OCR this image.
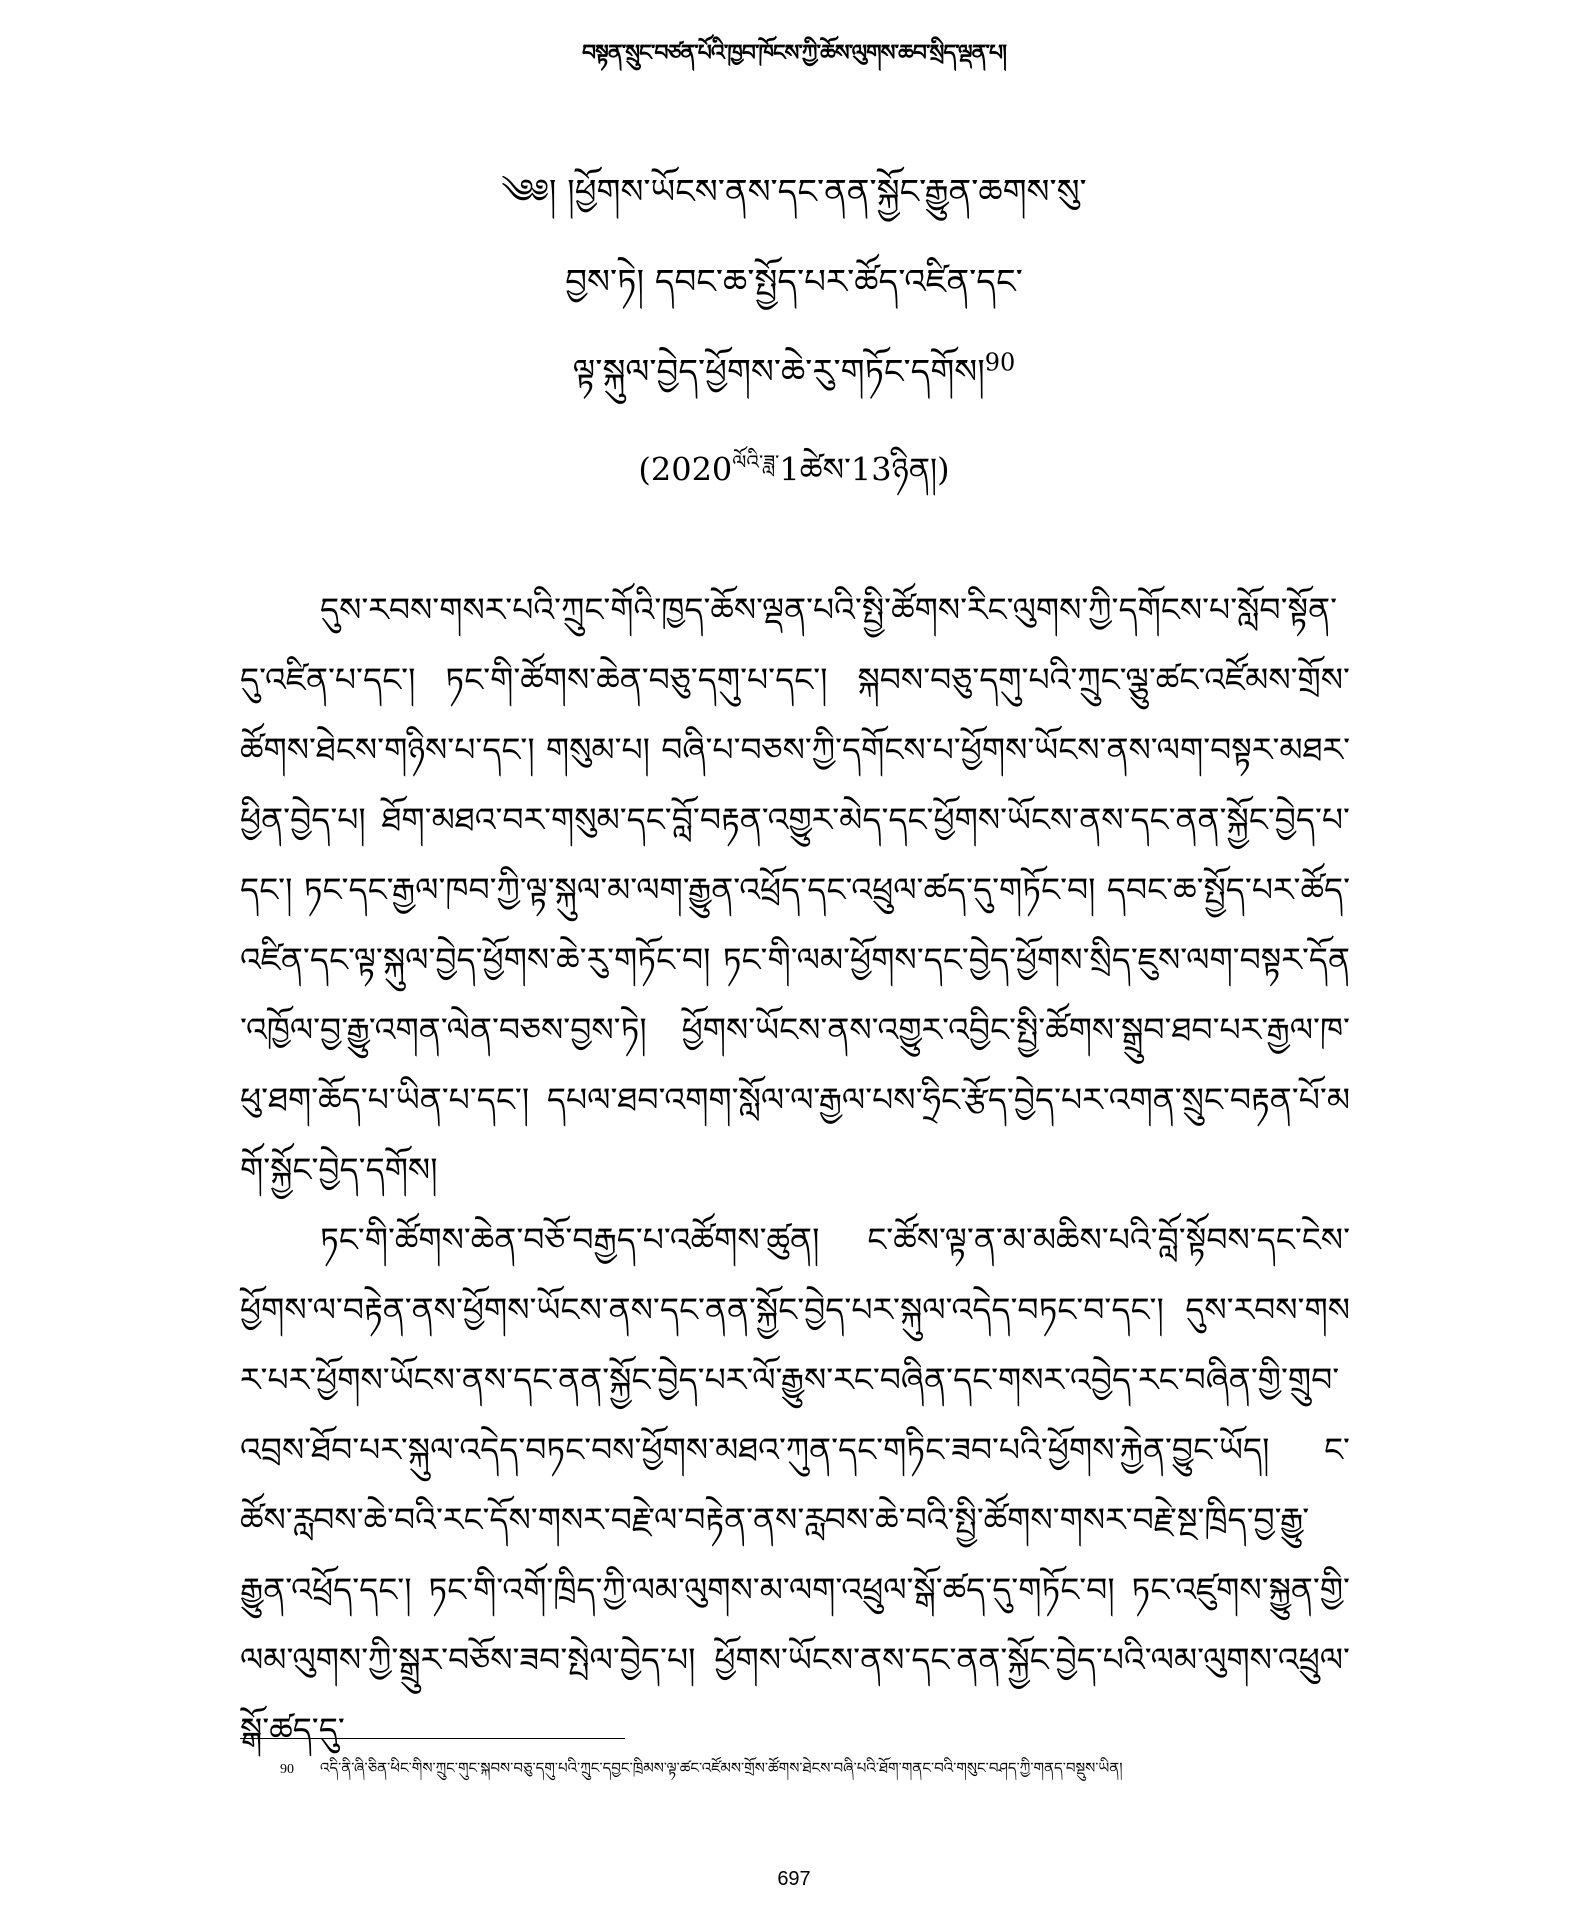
བསྟན་སྲུང་བཙན་པོའི་ཁྱབ་ཁོངས་ཀྱི་ཆོས་ལུགས་ཆབ་སྲིད་ལྡན་པ།
༄༅། །ཕྱོགས་ཡོངས་ནས་དང་ནན་སྐྱོང་རྒྱུན་ཆགས་སུ་
བྱས་ཏེ། དབང་ཆ་སྤྱོད་པར་ཚོད་འཛིན་དང་
ལྟ་སྐུལ་བྱེད་ཕྱོགས་ཆེ་རུ་གཏོང་དགོས།$^{90}$
$(2020^{ལོའི་ཟླ་}1ཚེས་13ཉིན།)$

དུས་རབས་གསར་པའི་ཀྲུང་གོའི་ཁྱད་ཆོས་ལྡན་པའི་སྤྱི་ཚོགས་རིང་ལུགས་ཀྱི་དགོངས་པ་སློབ་སྟོན་དུ་འཛིན་པ་དང་། ཏང་གི་ཚོགས་ཆེན་བཅུ་དགུ་པ་དང་། སྐབས་བཅུ་དགུ་པའི་ཀྲུང་ལྕུ་ཚང་འཛོམས་གྲོས་ཚོགས་ཐེངས་གཉིས་པ་དང་། གསུམ་པ། བཞི་པ་བཅས་ཀྱི་དགོངས་པ་ཕྱོགས་ཡོངས་ནས་ལག་བསྟར་མཐར་ཕྱིན་བྱེད་པ། ཐོག་མཐའ་བར་གསུམ་དང་བློ་བརྟན་འགྱུར་མེད་དང་ཕྱོགས་ཡོངས་ནས་དང་ནན་སྐྱོང་བྱེད་པ་དང་། ཏང་དང་རྒྱལ་ཁབ་ཀྱི་ལྟ་སྐུལ་མ་ལག་རྒྱུན་འཕྲོད་དང་འཕྲུལ་ཚད་དུ་གཏོང་བ། དབང་ཆ་སྤྱོད་པར་ཚོད་འཛིན་དང་ལྟ་སྐུལ་བྱེད་ཕྱོགས་ཆེ་རུ་གཏོང་བ། ཏང་གི་ལམ་ཕྱོགས་དང་བྱེད་ཕྱོགས་སྲིད་ཇུས་ལག་བསྟར་དོན་འཁྱོལ་བྱ་རྒྱུ་འགན་ལེན་བཅས་བྱས་ཏེ། ཕྱོགས་ཡོངས་ནས་འགྱུར་འབྱིང་སྤྱི་ཚོགས་སྒྲུབ་ཐབ་པར་རྒྱལ་ཁ་ཕུ་ཐག་ཆོད་པ་ཡིན་པ་དང་། དཔལ་ཐབ་འགག་སློལ་ལ་རྒྱལ་པས་ཧྲིང་རྩོད་བྱེད་པར་འགན་སྲུང་བརྟན་པོ་མགོ་སྐྱོང་བྱེད་དགོས།

ཏང་གི་ཚོགས་ཆེན་བཅོ་བརྒྱད་པ་འཚོགས་ཚུན། ང་ཚོས་ལྟ་ན་མ་མཆིས་པའི་བློ་སྟོབས་དང་ངེས་ཕྱོགས་ལ་བརྟེན་ནས་ཕྱོགས་ཡོངས་ནས་དང་ནན་སྐྱོང་བྱེད་པར་སྐུལ་འདེད་བཏང་བ་དང་། དུས་རབས་གསར་པར་ཕྱོགས་ཡོངས་ནས་དང་ནན་སྐྱོང་བྱེད་པར་ལོ་རྒྱུས་རང་བཞིན་དང་གསར་འབྱེད་རང་བཞིན་གྱི་གྲུབ་འབྲས་ཐོབ་པར་སྐུལ་འདེད་བཏང་བས་ཕྱོགས་མཐའ་ཀུན་དང་གཏིང་ཟབ་པའི་ཕྱོགས་རྐྱེན་བྱུང་ཡོད། ང་ཚོས་རླབས་ཆེ་བའི་རང་དོས་གསར་བརྗེ་ལ་བརྟེན་ནས་རླབས་ཆེ་བའི་སྤྱི་ཚོགས་གསར་བརྗེ་སྔ་ཁྲིད་བྱ་རྒྱུ་རྒྱུན་འཕྲོད་དང་། ཏང་གི་འགོ་ཁྲིད་ཀྱི་ལམ་ལུགས་མ་ལག་འཕྲུལ་སྒོ་ཚད་དུ་གཏོང་བ། ཏང་འཛུགས་སྐྱུན་གྱི་ལམ་ལུགས་ཀྱི་སྒྲུར་བཅོས་ཟབ་སྤེལ་བྱེད་པ། ཕྱོགས་ཡོངས་ནས་དང་ནན་སྐྱོང་བྱེད་པའི་ལམ་ལུགས་འཕྲུལ་སྒོ་ཚད་དུ་

90 འདི་ནི་ཞི་ཅིན་ཕིང་གིས་ཀྲུང་གུང་སྐབས་བཅུ་དགུ་པའི་ཀྲུང་དབྱང་ཁྲིམས་ལྟ་ཚང་འཛོམས་གྲོས་ཚོགས་ཐེངས་བཞི་པའི་ཐོག་གནང་བའི་གསུང་བཤད་ཀྱི་གནད་བསྡུས་ཡིན།
697
